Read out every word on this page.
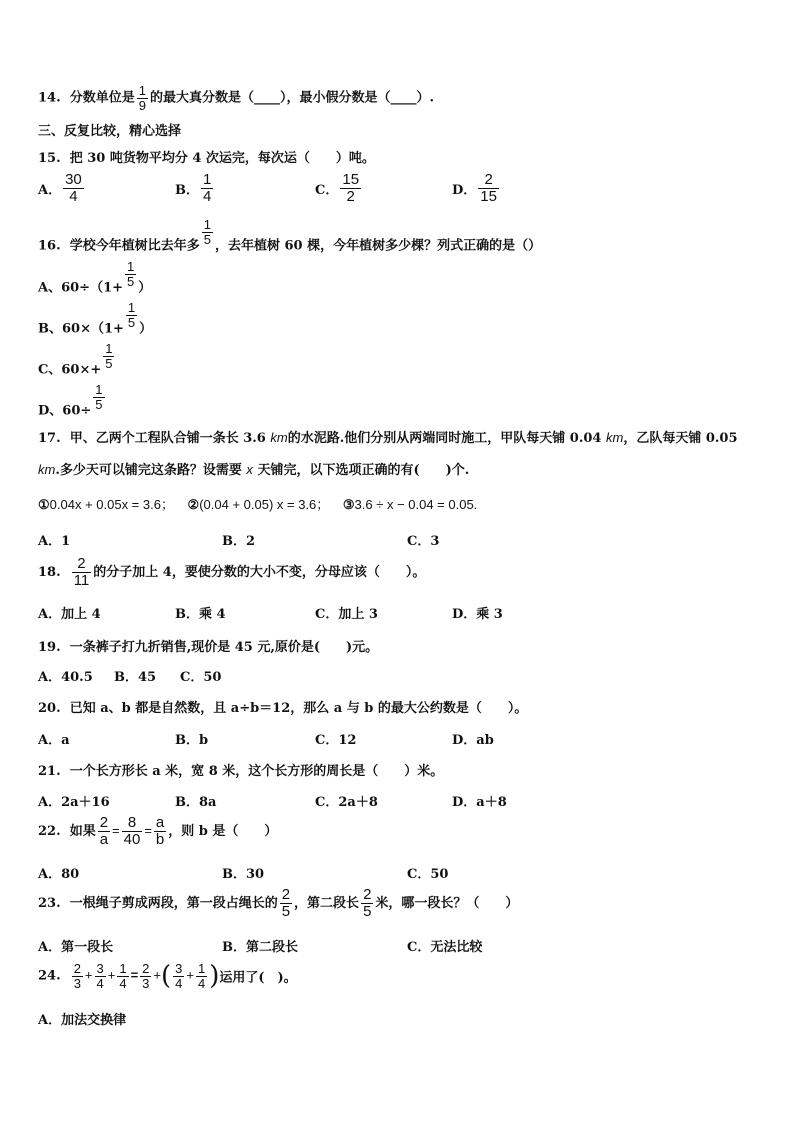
14. 分数单位是 $\frac{1}{9}$ 的最大真分数是（____），最小假分数是（____）.
三、反复比较，精心选择
15. 把 30 吨货物平均分 4 次运完，每次运（　　）吨。
A． $\frac{30}{4}$	B． $\frac{1}{4}$	C． $\frac{15}{2}$	D． $\frac{2}{15}$
16. 学校今年植树比去年多 $\frac{1}{5}$ ，去年植树 60 棵，今年植树多少棵？列式正确的是（）
A、$60\div(1+ \frac{1}{5}$ ）
B、$60\times(1+ \frac{1}{5}$ ）
C、$60\times+ \frac{1}{5}$
D、$60\div \frac{1}{5}$
17. 甲、乙两个工程队合铺一条长 3.6 km的水泥路.他们分别从两端同时施工，甲队每天铺 0.04 km，乙队每天铺 0.05
km.多少天可以铺完这条路？设需要 x 天铺完，以下选项正确的有(　　)个.
①0.04x + 0.05x = 3.6； ②(0.04 + 0.05) x = 3.6； ③3.6 ÷ x − 0.04 = 0.05.
A．1	B．2	C．3
18. $\frac{2}{11}$ 的分子加上 4，要使分数的大小不变，分母应该（　　）。
A．加上 4	B．乘 4	C．加上 3	D．乘 3
19. 一条裤子打九折销售,现价是 45 元,原价是(　　)元。
A．40.5 B．45 C．50
20. 已知 a、b 都是自然数，且 a÷b＝12，那么 a 与 b 的最大公约数是（　　）。
A．a	B．b	C．12	D．ab
21. 一个长方形长 a 米，宽 8 米，这个长方形的周长是（　　）米。
A．2a＋16	B．8a	C．2a＋8	D．a＋8
22. 如果 $\frac{2}{a} = \frac{8}{40} = \frac{a}{b}$ ，则 b 是（　　）
A．80	B．30	C．50
23. 一根绳子剪成两段，第一段占绳长的 $\frac{2}{5}$ ，第二段长 $\frac{2}{5}$ 米，哪一段长？（　　）
A．第一段长	B．第二段长	C．无法比较
24. $\frac{2}{3} + \frac{3}{4} + \frac{1}{4} = \frac{2}{3}$ +( $\frac{3}{4} + \frac{1}{4}$ )运用了(　)。
A．加法交换律
